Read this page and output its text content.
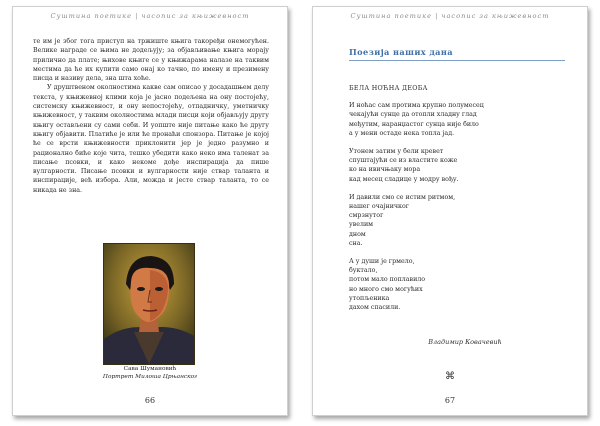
Суштина поетике | часопис за књижевност

те им је због тога приступ на тржиште књига такоређи онемогућен. Велике награде се њима не додељују; за објављивање књига морају прилично да плате; њихове књиге се у књижарама налазе на таквим местима да ће их купити само онај ко тачно, по имену и презимену писца и називу дела, зна шта хоће.

У друштвеном околностима какве сам описао у досадашњем делу текста, у књижевној клими која је јасно подељена на ону постојећу, системску књижевност, и ону непостојећу, отпадничку, уметничку књижевност, у таквим околностима млади писци који објављују другу књигу остављени су сами себи. И уопште није питање како ће другу књигу објавити. Платиће је или ће пронаћи спонзора. Питање је којој ће се врсти књижевности приклонити јер је једно разумно и рационално биће које чита, тешко убедити како неко има таленат за писање псовки, и како некоме дође инспирација да пише вулгарности. Писање псовки и вулгарности није ствар таланта и инспирације, већ избора. Али, можда и јесте ствар таланта, то се никада не зна.

Сава Шумановић
Портрет Милоша Црњанског
66
Суштина поетике | часопис за књижевност
Поезија наших дана
БЕЛА НОЋНА ДЕОБА
И ноћас сам протима крупно полумесец
чекајући сунце да отопли хладну глад
међутим, наранџастог сунца није било
а у мени остаде нека топла јад.
Утонем затим у бели кревет
спуштајући се из властите коже
ко на ивичњаку мора
кад месец сладице у модру вођу.
И давили смо се истим ритмом,
нашег очајничког
смрзнутог
увелим
дном
сна.
А у души је грмело,
буктало,
потом мало поплавило
но много смо могућих
утопљеника
дахом спасили.
Владимир Ковачевић
⌘
67
